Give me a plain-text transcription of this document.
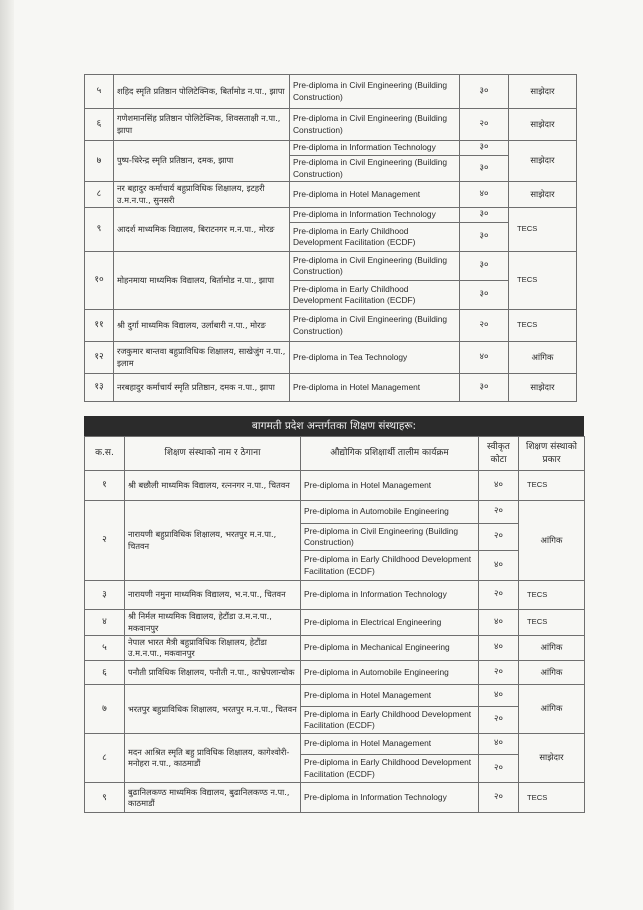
५	शहिद स्मृति प्रतिष्ठान पोलिटेक्निक, बिर्तामोड न.पा., झापा	Pre-diploma in Civil Engineering (Building Construction)	३०	साझेदार
६	गणेशमानसिंह प्रतिष्ठान पोलिटेक्निक, शिवसताक्षी न.पा., झापा	Pre-diploma in Civil Engineering (Building Construction)	२०	साझेदार
७	पुष्प-धिरेन्द्र स्मृति प्रतिष्ठान, दमक, झापा	Pre-diploma in Information Technology	३०	साझेदार
		Pre-diploma in Civil Engineering (Building Construction)	३०	
८	नर बहादुर कर्माचार्य बहुप्राविधिक शिक्षालय, इटहरी उ.म.न.पा., सुनसरी	Pre-diploma in Hotel Management	४०	साझेदार
९	आदर्श माध्यमिक विद्यालय, बिराटनगर म.न.पा., मोरङ	Pre-diploma in Information Technology	३०	TECS
		Pre-diploma in Early Childhood Development Facilitation (ECDF)	३०	
१०	मोहनमाया माध्यमिक विद्यालय, बिर्तामोड न.पा., झापा	Pre-diploma in Civil Engineering (Building Construction)	३०	TECS
		Pre-diploma in Early Childhood Development Facilitation (ECDF)	३०	
११	श्री दुर्गा माध्यमिक विद्यालय, उर्लाबारी न.पा., मोरङ	Pre-diploma in Civil Engineering (Building Construction)	२०	TECS
१२	रजकुमार बान्तवा बहुप्राविधिक शिक्षालय, साखेजुंग न.पा., इलाम	Pre-diploma in Tea Technology	४०	आंगिक
१३	नरबहादुर कर्माचार्य स्मृति प्रतिष्ठान, दमक न.पा., झापा	Pre-diploma in Hotel Management	३०	साझेदार
बागमती प्रदेश अन्तर्गतका शिक्षण संस्थाहरू:
क.स.	शिक्षण संस्थाको नाम र ठेगाना	औद्योगिक प्रशिक्षार्थी तालीम कार्यक्रम	स्वीकृत कोटा	शिक्षण संस्थाको प्रकार
१	श्री बछौली माध्यमिक विद्यालय, रत्ननगर न.पा., चितवन	Pre-diploma in Hotel Management	४०	TECS
२	नारायणी बहुप्राविधिक शिक्षालय, भरतपुर म.न.पा., चितवन	Pre-diploma in Automobile Engineering	२०	आंगिक
		Pre-diploma in Civil Engineering (Building Construction)	२०	
		Pre-diploma in Early Childhood Development Facilitation (ECDF)	४०	
३	नारायणी नमुना माध्यमिक विद्यालय, भ.न.पा., चितवन	Pre-diploma in Information Technology	२०	TECS
४	श्री निर्मल माध्यमिक विद्यालय, हेटौंडा उ.म.न.पा., मकवानपुर	Pre-diploma in Electrical Engineering	४०	TECS
५	नेपाल भारत मैत्री बहुप्राविधिक शिक्षालय, हेटौंडा उ.म.न.पा., मकवानपुर	Pre-diploma in Mechanical Engineering	४०	आंगिक
६	पनौती प्राविधिक शिक्षालय, पनौती न.पा., काभ्रेपलान्चोक	Pre-diploma in Automobile Engineering	२०	आंगिक
७	भरतपुर बहुप्राविधिक शिक्षालय, भरतपुर म.न.पा., चितवन	Pre-diploma in Hotel Management	४०	आंगिक
		Pre-diploma in Early Childhood Development Facilitation (ECDF)	२०	
८	मदन आश्रित स्मृति बहु प्राविधिक शिक्षालय, कागेश्वोरी-मनोहरा न.पा., काठमाडौं	Pre-diploma in Hotel Management	४०	साझेदार
		Pre-diploma in Early Childhood Development Facilitation (ECDF)	२०	
९	बुढानिलकण्ठ माध्यमिक विद्यालय, बुढानिलकण्ठ न.पा., काठमाडौं	Pre-diploma in Information Technology	२०	TECS
